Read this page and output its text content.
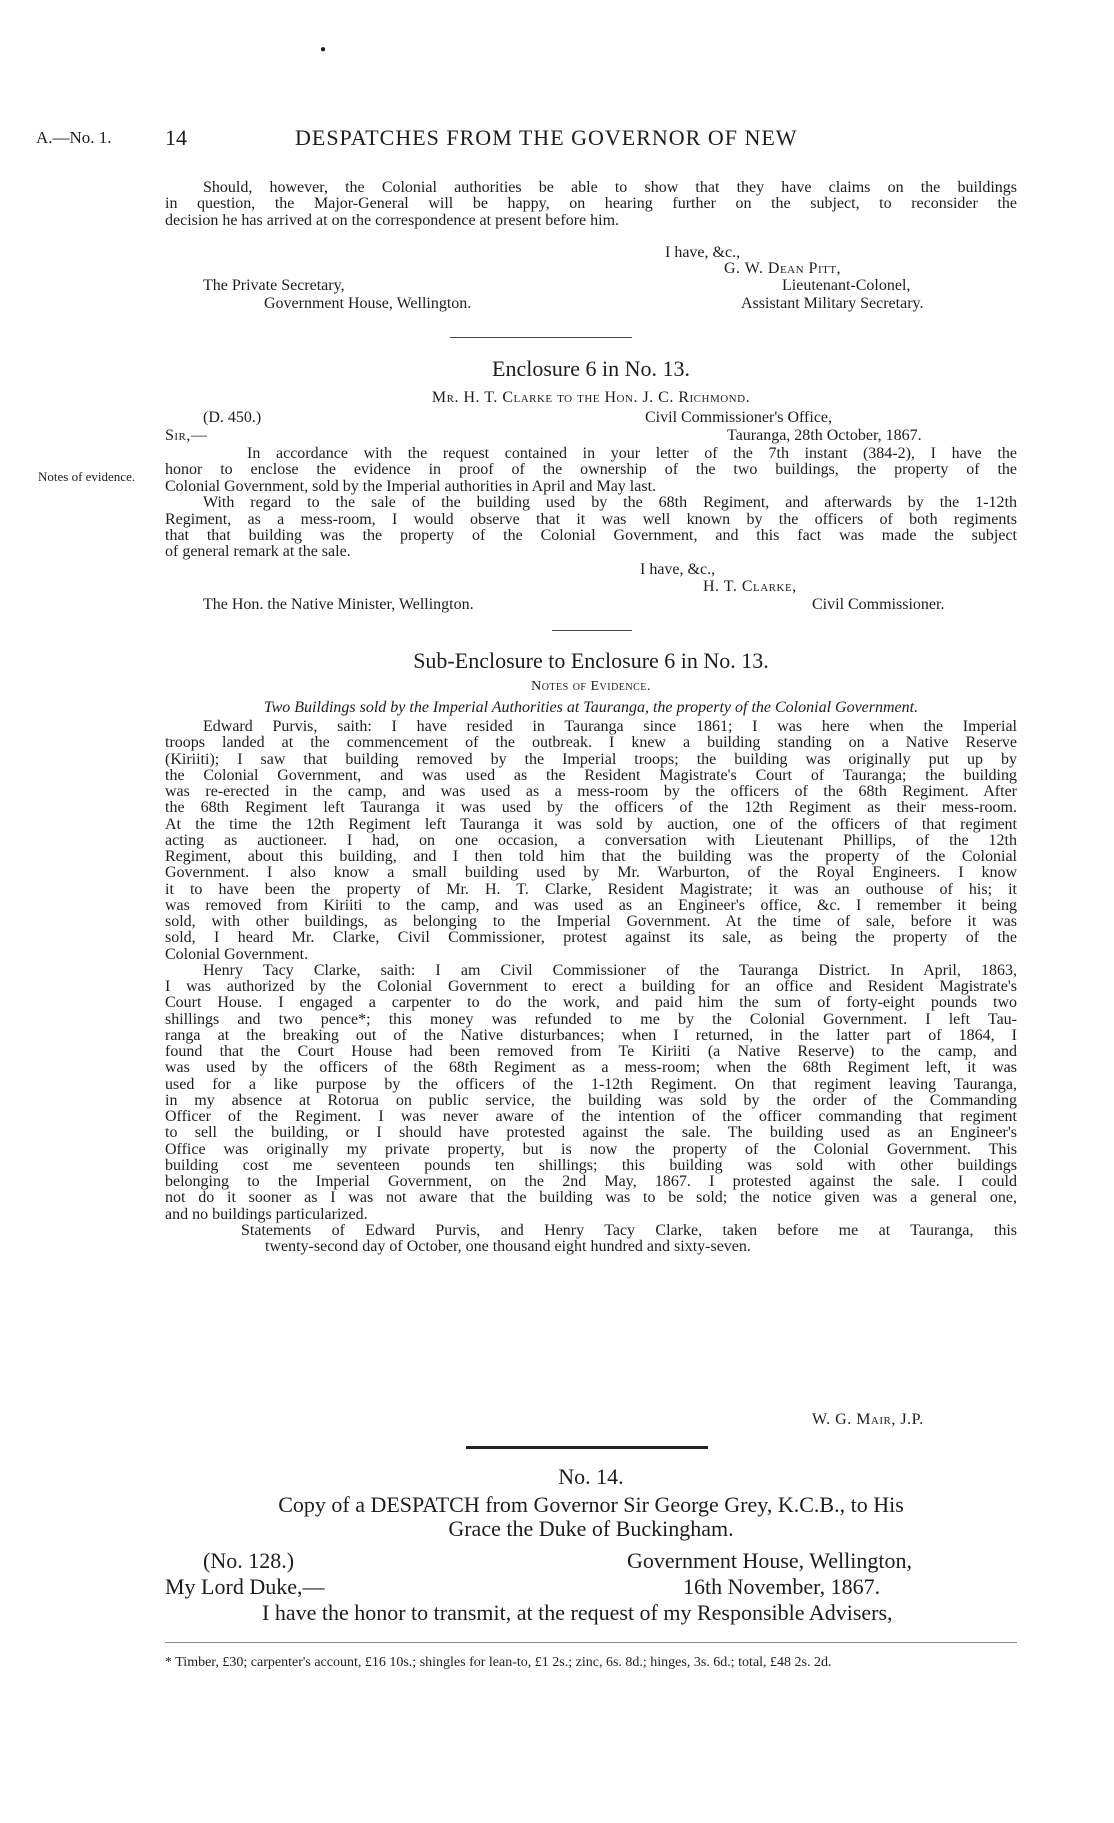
●
A.—No. 1. 14	DESPATCHES FROM THE GOVERNOR OF NEW
Should, however, the Colonial authorities be able to show that they have claims on the buildings
in question, the Major-General will be happy, on hearing further on the subject, to reconsider the
decision he has arrived at on the correspondence at present before him.
I have, &c.,
G. W. Dean Pitt,
The Private Secretary,	Lieutenant-Colonel,
Government House, Wellington.	Assistant Military Secretary.
Enclosure 6 in No. 13.
Mr. H. T. Clarke to the Hon. J. C. Richmond.
(D. 450.)	Civil Commissioner's Office,
Sir,—	Tauranga, 28th October, 1867.
Notes of evidence.
In accordance with the request contained in your letter of the 7th instant (384-2), I have the
honor to enclose the evidence in proof of the ownership of the two buildings, the property of the
Colonial Government, sold by the Imperial authorities in April and May last.
With regard to the sale of the building used by the 68th Regiment, and afterwards by the 1-12th
Regiment, as a mess-room, I would observe that it was well known by the officers of both regiments
that that building was the property of the Colonial Government, and this fact was made the subject
of general remark at the sale.
I have, &c.,
H. T. Clarke,
The Hon. the Native Minister, Wellington.	Civil Commissioner.
Sub-Enclosure to Enclosure 6 in No. 13.
Notes of Evidence.
Two Buildings sold by the Imperial Authorities at Tauranga, the property of the Colonial Government.
Edward Purvis, saith: I have resided in Tauranga since 1861; I was here when the Imperial
troops landed at the commencement of the outbreak. I knew a building standing on a Native Reserve
(Kiriiti); I saw that building removed by the Imperial troops; the building was originally put up by
the Colonial Government, and was used as the Resident Magistrate's Court of Tauranga; the building
was re-erected in the camp, and was used as a mess-room by the officers of the 68th Regiment. After
the 68th Regiment left Tauranga it was used by the officers of the 12th Regiment as their mess-room.
At the time the 12th Regiment left Tauranga it was sold by auction, one of the officers of that regiment
acting as auctioneer. I had, on one occasion, a conversation with Lieutenant Phillips, of the 12th
Regiment, about this building, and I then told him that the building was the property of the Colonial
Government. I also know a small building used by Mr. Warburton, of the Royal Engineers. I know
it to have been the property of Mr. H. T. Clarke, Resident Magistrate; it was an outhouse of his; it
was removed from Kiriiti to the camp, and was used as an Engineer's office, &c. I remember it being
sold, with other buildings, as belonging to the Imperial Government. At the time of sale, before it was
sold, I heard Mr. Clarke, Civil Commissioner, protest against its sale, as being the property of the
Colonial Government.
Henry Tacy Clarke, saith: I am Civil Commissioner of the Tauranga District. In April, 1863,
I was authorized by the Colonial Government to erect a building for an office and Resident Magistrate's
Court House. I engaged a carpenter to do the work, and paid him the sum of forty-eight pounds two
shillings and two pence*; this money was refunded to me by the Colonial Government. I left Tau-
ranga at the breaking out of the Native disturbances; when I returned, in the latter part of 1864, I
found that the Court House had been removed from Te Kiriiti (a Native Reserve) to the camp, and
was used by the officers of the 68th Regiment as a mess-room; when the 68th Regiment left, it was
used for a like purpose by the officers of the 1-12th Regiment. On that regiment leaving Tauranga,
in my absence at Rotorua on public service, the building was sold by the order of the Commanding
Officer of the Regiment. I was never aware of the intention of the officer commanding that regiment
to sell the building, or I should have protested against the sale. The building used as an Engineer's
Office was originally my private property, but is now the property of the Colonial Government. This
building cost me seventeen pounds ten shillings; this building was sold with other buildings
belonging to the Imperial Government, on the 2nd May, 1867. I protested against the sale. I could
not do it sooner as I was not aware that the building was to be sold; the notice given was a general one,
and no buildings particularized.
Statements of Edward Purvis, and Henry Tacy Clarke, taken before me at Tauranga, this
twenty-second day of October, one thousand eight hundred and sixty-seven.
W. G. Mair, J.P.
No. 14.
Copy of a DESPATCH from Governor Sir George Grey, K.C.B., to His
Grace the Duke of Buckingham.
(No. 128.)	Government House, Wellington,
My Lord Duke,—	16th November, 1867.
I have the honor to transmit, at the request of my Responsible Advisers,
* Timber, £30; carpenter's account, £16 10s.; shingles for lean-to, £1 2s.; zinc, 6s. 8d.; hinges, 3s. 6d.; total, £48 2s. 2d.
